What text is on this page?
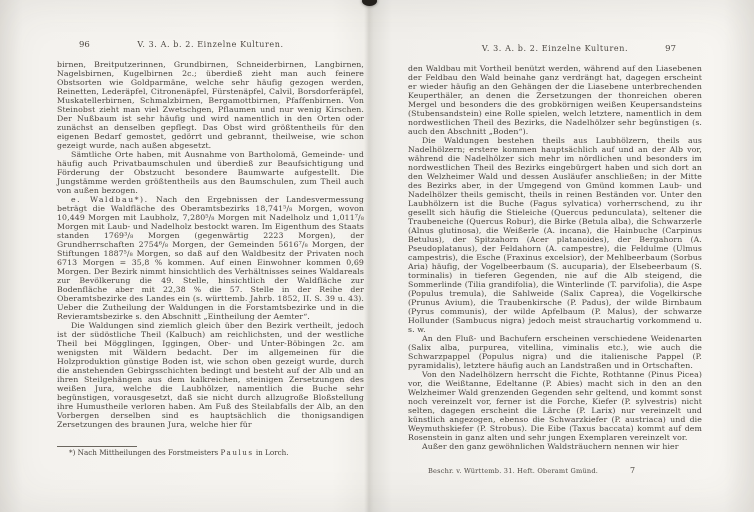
96	V. 3. A. b. 2. Einzelne Kulturen.

birnen, Breitputzerinnen, Grundbirnen, Schneiderbirnen, Langbirnen, Nagelsbirnen, Kugelbirnen 2c.; überdieß zieht man auch feinere Obstsorten wie Goldparmäne, welche sehr häufig gezogen werden, Reinetten, Lederäpfel, Citronenäpfel, Fürstenäpfel, Calvil, Borsdorferäpfel, Muskatellerbirnen, Schmalzbirnen, Bergamottbirnen, Pfaffenbirnen. Von Steinobst zieht man viel Zwetschgen, Pflaumen und nur wenig Kirschen. Der Nußbaum ist sehr häufig und wird namentlich in den Orten oder zunächst an denselben gepflegt. Das Obst wird größtentheils für den eigenen Bedarf gemostet, gedörrt und gebrannt, theilweise, wie schon gezeigt wurde, nach außen abgesetzt.

Sämtliche Orte haben, mit Ausnahme von Bartholomä, Gemeinde- und häufig auch Privatbaumschulen und überdieß zur Beaufsichtigung und Förderung der Obstzucht besondere Baumwarte aufgestellt. Die Jungstämme werden größtentheils aus den Baumschulen, zum Theil auch von außen bezogen.

e. Waldbau*). Nach den Ergebnissen der Landesvermessung beträgt die Waldfläche des Oberamtsbezirks 18,741⁵/₈ Morgen, wovon 10,449 Morgen mit Laubholz, 7,280⁵/₈ Morgen mit Nadelholz und 1,011⁷/₈ Morgen mit Laub- und Nadelholz bestockt waren. Im Eigenthum des Staats standen 1769³/₈ Morgen (gegenwärtig 2223 Morgen), der Grundherrschaften 2754⁶/₈ Morgen, der Gemeinden 5616⁷/₈ Morgen, der Stiftungen 1887⁵/₈ Morgen, so daß auf den Waldbesitz der Privaten noch 6713 Morgen = 35,8 % kommen. Auf einen Einwohner kommen 0,69 Morgen. Der Bezirk nimmt hinsichtlich des Verhältnisses seines Waldareals zur Bevölkerung die 49. Stelle, hinsichtlich der Waldfläche zur Bodenfläche aber mit 22,38 % die 57. Stelle in der Reihe der Oberamtsbezirke des Landes ein (s. württemb. Jahrb. 1852, II. S. 39 u. 43). Ueber die Zutheilung der Waldungen in die Forstamtsbezirke und in die Revieramtsbezirke s. den Abschnitt „Eintheilung der Aemter“.

Die Waldungen sind ziemlich gleich über den Bezirk vertheilt, jedoch ist der südöstliche Theil (Kalbuch) am reichlichsten, und der westliche Theil bei Mögglingen, Iggingen, Ober- und Unter-Böbingen 2c. am wenigsten mit Wäldern bedacht. Der im allgemeinen für die Holzproduktion günstige Boden ist, wie schon oben gezeigt wurde, durch die anstehenden Gebirgsschichten bedingt und besteht auf der Alb und an ihren Steilgehängen aus dem kalkreichen, steinigen Zersetzungen des weißen Jura, welche die Laubhölzer, namentlich die Buche sehr begünstigen, vorausgesetzt, daß sie nicht durch allzugroße Bloßstellung ihre Humustheile verloren haben. Am Fuß des Steilabfalls der Alb, an den Vorbergen derselben sind es hauptsächlich die thonigsandigen Zersetzungen des braunen Jura, welche hier für

*) Nach Mittheilungen des Forstmeisters Paulus in Lorch.

V. 3. A. b. 2. Einzelne Kulturen.	97

den Waldbau mit Vortheil benützt werden, während auf den Liasebenen der Feldbau den Wald beinahe ganz verdrängt hat, dagegen erscheint er wieder häufig an den Gehängen der die Liasebene unterbrechenden Keuperthäler, an denen die Zersetzungen der thonreichen oberen Mergel und besonders die des grobkörnigen weißen Keupersandsteins (Stubensandstein) eine Rolle spielen, welch letztere, namentlich in dem nordwestlichen Theil des Bezirks, die Nadelhölzer sehr begünstigen (s. auch den Abschnitt „Boden“).

Die Waldungen bestehen theils aus Laubhölzern, theils aus Nadelhölzern; erstere kommen hauptsächlich auf und an der Alb vor, während die Nadelhölzer sich mehr im nördlichen und besonders im nordwestlichen Theil des Bezirks eingebürgert haben und sich dort an den Welzheimer Wald und dessen Ausläufer anschließen; in der Mitte des Bezirks aber, in der Umgegend von Gmünd kommen Laub- und Nadelhölzer theils gemischt, theils in reinen Beständen vor. Unter den Laubhölzern ist die Buche (Fagus sylvatica) vorherrschend, zu ihr gesellt sich häufig die Stieleiche (Quercus pedunculata), seltener die Traubeneiche (Quercus Robur), die Birke (Betula alba), die Schwarzerle (Alnus glutinosa), die Weißerle (A. incana), die Hainbuche (Carpinus Betulus), der Spitzahorn (Acer platanoides), der Bergahorn (A. Pseudoplatanus), der Feldahorn (A. campestre), die Feldulme (Ulmus campestris), die Esche (Fraxinus excelsior), der Mehlbeerbaum (Sorbus Aria) häufig, der Vogelbeerbaum (S. aucuparia), der Elsebeerbaum (S. torminalis) in tieferen Gegenden, nie auf die Alb steigend, die Sommerlinde (Tilia grandifolia), die Winterlinde (T. parvifolia), die Aspe (Populus tremula), die Sahlweide (Salix Caprea), die Vogelkirsche (Prunus Avium), die Traubenkirsche (P. Padus), der wilde Birnbaum (Pyrus communis), der wilde Apfelbaum (P. Malus), der schwarze Hollunder (Sambucus nigra) jedoch meist strauchartig vorkommend u. s. w.

An den Fluß- und Bachufern erscheinen verschiedene Weidenarten (Salix alba, purpurea, vitellina, viminalis etc.), wie auch die Schwarzpappel (Populus nigra) und die italienische Pappel (P. pyramidalis), letztere häufig auch an Landstraßen und in Ortschaften.

Von den Nadelhölzern herrscht die Fichte, Rothtanne (Pinus Picea) vor, die Weißtanne, Edeltanne (P. Abies) macht sich in den an den Welzheimer Wald grenzenden Gegenden sehr geltend, und kommt sonst noch vereinzelt vor, ferner ist die Forche, Kiefer (P. sylvestris) nicht selten, dagegen erscheint die Lärche (P. Larix) nur vereinzelt und künstlich angezogen, ebenso die Schwarzkiefer (P. austriaca) und die Weymuthskiefer (P. Strobus). Die Eibe (Taxus baccata) kommt auf dem Rosenstein in ganz alten und sehr jungen Exemplaren vereinzelt vor.

Außer den ganz gewöhnlichen Waldsträuchern nennen wir hier

Beschr. v. Württemb. 31. Heft. Oberamt Gmünd.	7
